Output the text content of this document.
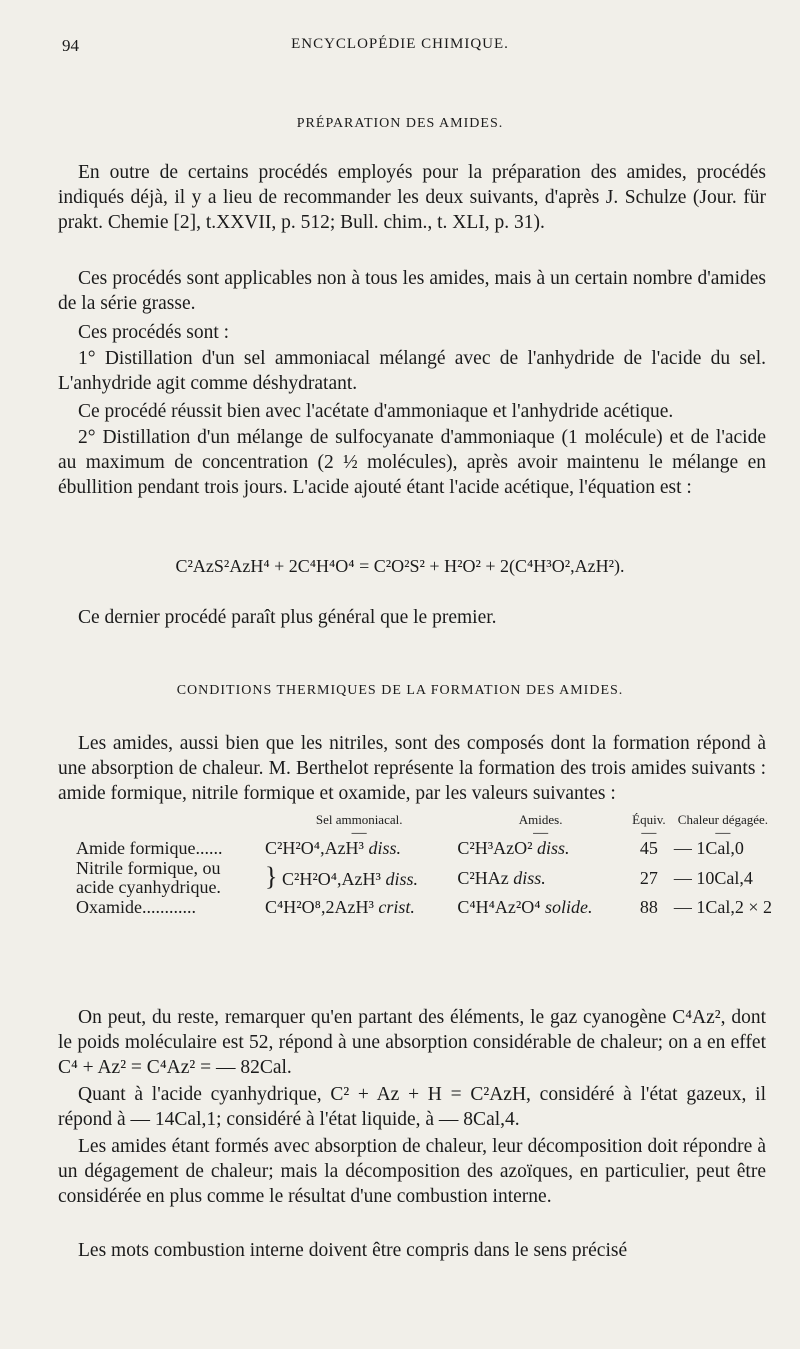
94	ENCYCLOPÉDIE CHIMIQUE.
PRÉPARATION DES AMIDES.

En outre de certains procédés employés pour la préparation des amides, procédés indiqués déjà, il y a lieu de recommander les deux suivants, d'après J. Schulze (Jour. für prakt. Chemie [2], t.XXVII, p. 512; Bull. chim., t. XLI, p. 31).

Ces procédés sont applicables non à tous les amides, mais à un certain nombre d'amides de la série grasse.

Ces procédés sont :

1° Distillation d'un sel ammoniacal mélangé avec de l'anhydride de l'acide du sel. L'anhydride agit comme déshydratant.

Ce procédé réussit bien avec l'acétate d'ammoniaque et l'anhydride acétique.

2° Distillation d'un mélange de sulfocyanate d'ammoniaque (1 molécule) et de l'acide au maximum de concentration (2 ½ molécules), après avoir maintenu le mélange en ébullition pendant trois jours. L'acide ajouté étant l'acide acétique, l'équation est :

C²AzS²AzH⁴ + 2C⁴H⁴O⁴ = C²O²S² + H²O² + 2(C⁴H³O²,AzH²).

Ce dernier procédé paraît plus général que le premier.

CONDITIONS THERMIQUES DE LA FORMATION DES AMIDES.

Les amides, aussi bien que les nitriles, sont des composés dont la formation répond à une absorption de chaleur. M. Berthelot représente la formation des trois amides suivants : amide formique, nitrile formique et oxamide, par les valeurs suivantes :

	Sel ammoniacal.	Amides.	Équiv.	Chaleur dégagée.
	—	—	—	—
Amide formique......	C²H²O⁴,AzH³ diss.	C²H³AzO² diss.	45	— 1Cal,0
Nitrile formique, ou acide cyanhydrique.	} C²H²O⁴,AzH³ diss.	C²HAz diss.	27	— 10Cal,4
Oxamide............	C⁴H²O⁸,2AzH³ crist.	C⁴H⁴Az²O⁴ solide.	88	— 1Cal,2 × 2

On peut, du reste, remarquer qu'en partant des éléments, le gaz cyanogène C⁴Az², dont le poids moléculaire est 52, répond à une absorption considérable de chaleur; on a en effet C⁴ + Az² = C⁴Az² = — 82Cal.

Quant à l'acide cyanhydrique, C² + Az + H = C²AzH, considéré à l'état gazeux, il répond à — 14Cal,1; considéré à l'état liquide, à — 8Cal,4.

Les amides étant formés avec absorption de chaleur, leur décomposition doit répondre à un dégagement de chaleur; mais la décomposition des azoïques, en particulier, peut être considérée en plus comme le résultat d'une combustion interne.

Les mots combustion interne doivent être compris dans le sens précisé
